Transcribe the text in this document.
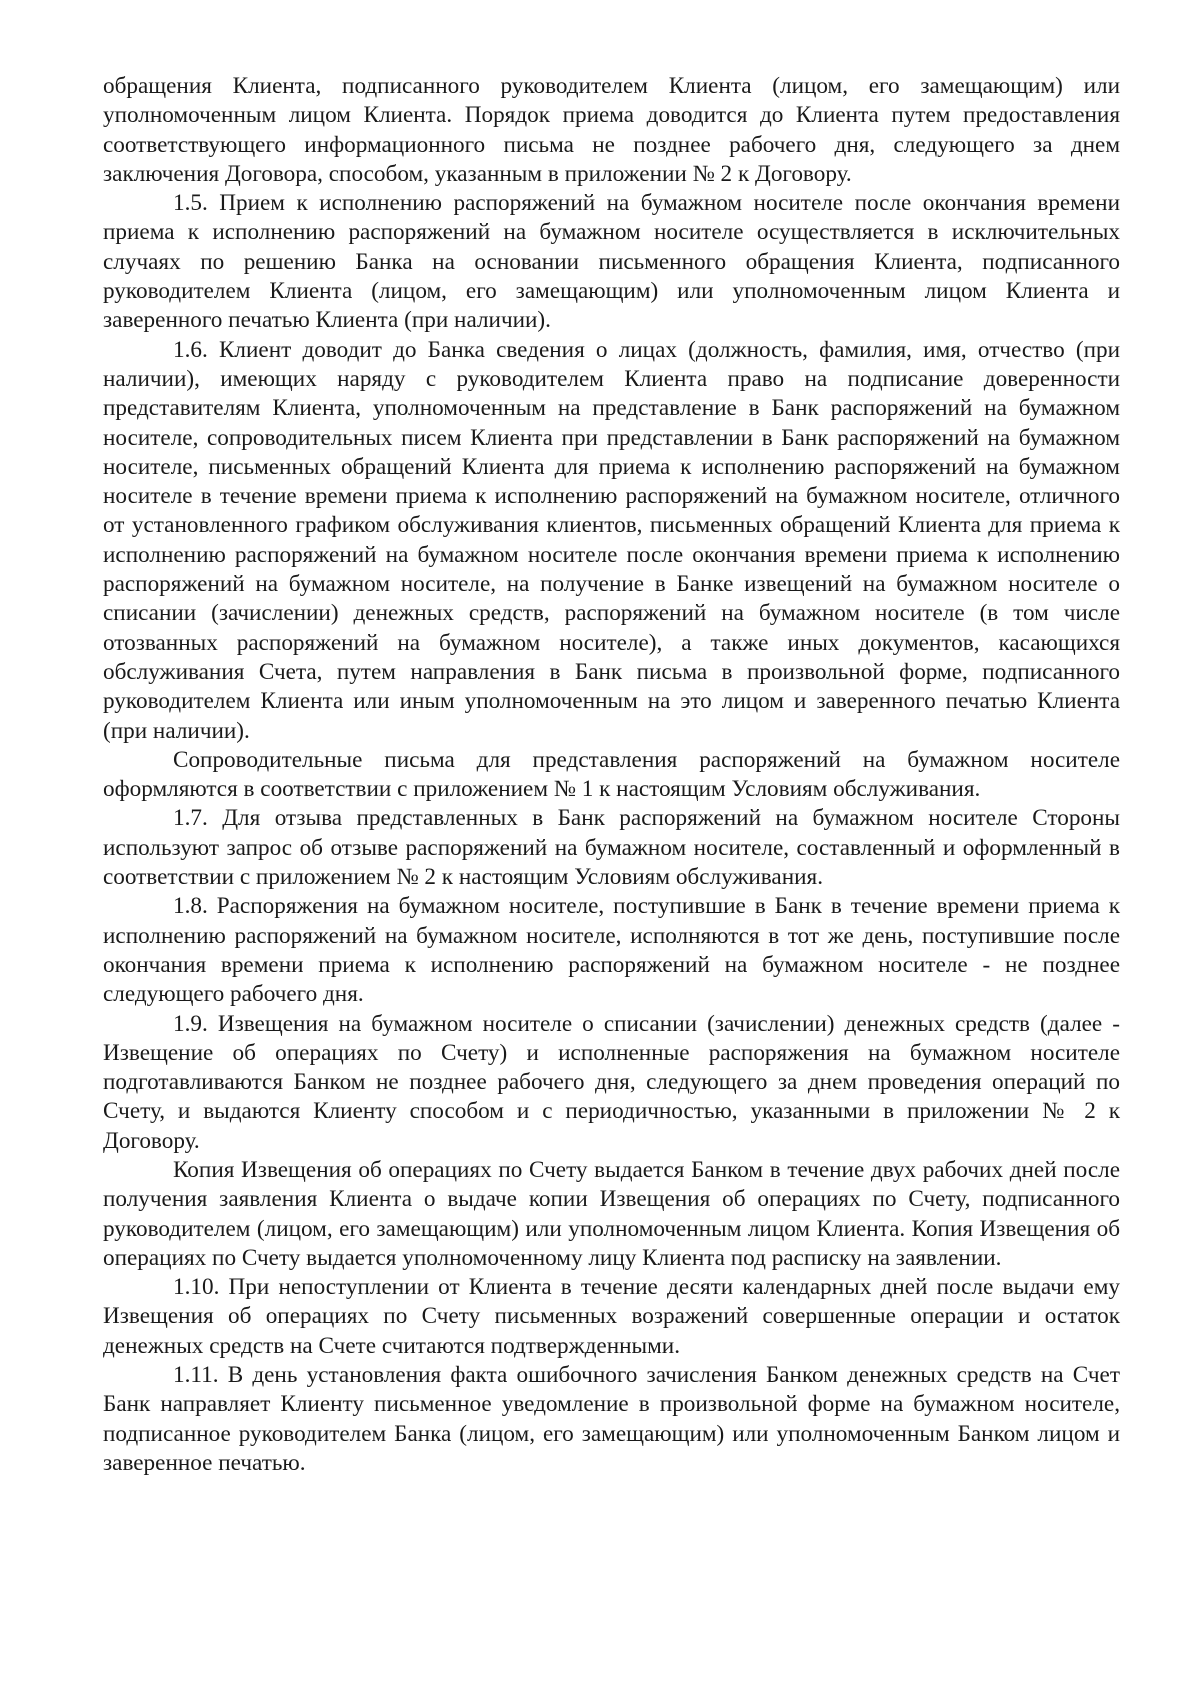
обращения Клиента, подписанного руководителем Клиента (лицом, его замещающим) или уполномоченным лицом Клиента. Порядок приема доводится до Клиента путем предоставления соответствующего информационного письма не позднее рабочего дня, следующего за днем заключения Договора, способом, указанным в приложении № 2 к Договору.

1.5. Прием к исполнению распоряжений на бумажном носителе после окончания времени приема к исполнению распоряжений на бумажном носителе осуществляется в исключительных случаях по решению Банка на основании письменного обращения Клиента, подписанного руководителем Клиента (лицом, его замещающим) или уполномоченным лицом Клиента и заверенного печатью Клиента (при наличии).

1.6. Клиент доводит до Банка сведения о лицах (должность, фамилия, имя, отчество (при наличии), имеющих наряду с руководителем Клиента право на подписание доверенности представителям Клиента, уполномоченным на представление в Банк распоряжений на бумажном носителе, сопроводительных писем Клиента при представлении в Банк распоряжений на бумажном носителе, письменных обращений Клиента для приема к исполнению распоряжений на бумажном носителе в течение времени приема к исполнению распоряжений на бумажном носителе, отличного от установленного графиком обслуживания клиентов, письменных обращений Клиента для приема к исполнению распоряжений на бумажном носителе после окончания времени приема к исполнению распоряжений на бумажном носителе, на получение в Банке извещений на бумажном носителе о списании (зачислении) денежных средств, распоряжений на бумажном носителе (в том числе отозванных распоряжений на бумажном носителе), а также иных документов, касающихся обслуживания Счета, путем направления в Банк письма в произвольной форме, подписанного руководителем Клиента или иным уполномоченным на это лицом и заверенного печатью Клиента (при наличии).

Сопроводительные письма для представления распоряжений на бумажном носителе оформляются в соответствии с приложением № 1 к настоящим Условиям обслуживания.

1.7. Для отзыва представленных в Банк распоряжений на бумажном носителе Стороны используют запрос об отзыве распоряжений на бумажном носителе, составленный и оформленный в соответствии с приложением № 2 к настоящим Условиям обслуживания.

1.8. Распоряжения на бумажном носителе, поступившие в Банк в течение времени приема к исполнению распоряжений на бумажном носителе, исполняются в тот же день, поступившие после окончания времени приема к исполнению распоряжений на бумажном носителе - не позднее следующего рабочего дня.

1.9. Извещения на бумажном носителе о списании (зачислении) денежных средств (далее - Извещение об операциях по Счету) и исполненные распоряжения на бумажном носителе подготавливаются Банком не позднее рабочего дня, следующего за днем проведения операций по Счету, и выдаются Клиенту способом и с периодичностью, указанными в приложении № 2 к Договору.

Копия Извещения об операциях по Счету выдается Банком в течение двух рабочих дней после получения заявления Клиента о выдаче копии Извещения об операциях по Счету, подписанного руководителем (лицом, его замещающим) или уполномоченным лицом Клиента. Копия Извещения об операциях по Счету выдается уполномоченному лицу Клиента под расписку на заявлении.

1.10. При непоступлении от Клиента в течение десяти календарных дней после выдачи ему Извещения об операциях по Счету письменных возражений совершенные операции и остаток денежных средств на Счете считаются подтвержденными.

1.11. В день установления факта ошибочного зачисления Банком денежных средств на Счет Банк направляет Клиенту письменное уведомление в произвольной форме на бумажном носителе, подписанное руководителем Банка (лицом, его замещающим) или уполномоченным Банком лицом и заверенное печатью.
